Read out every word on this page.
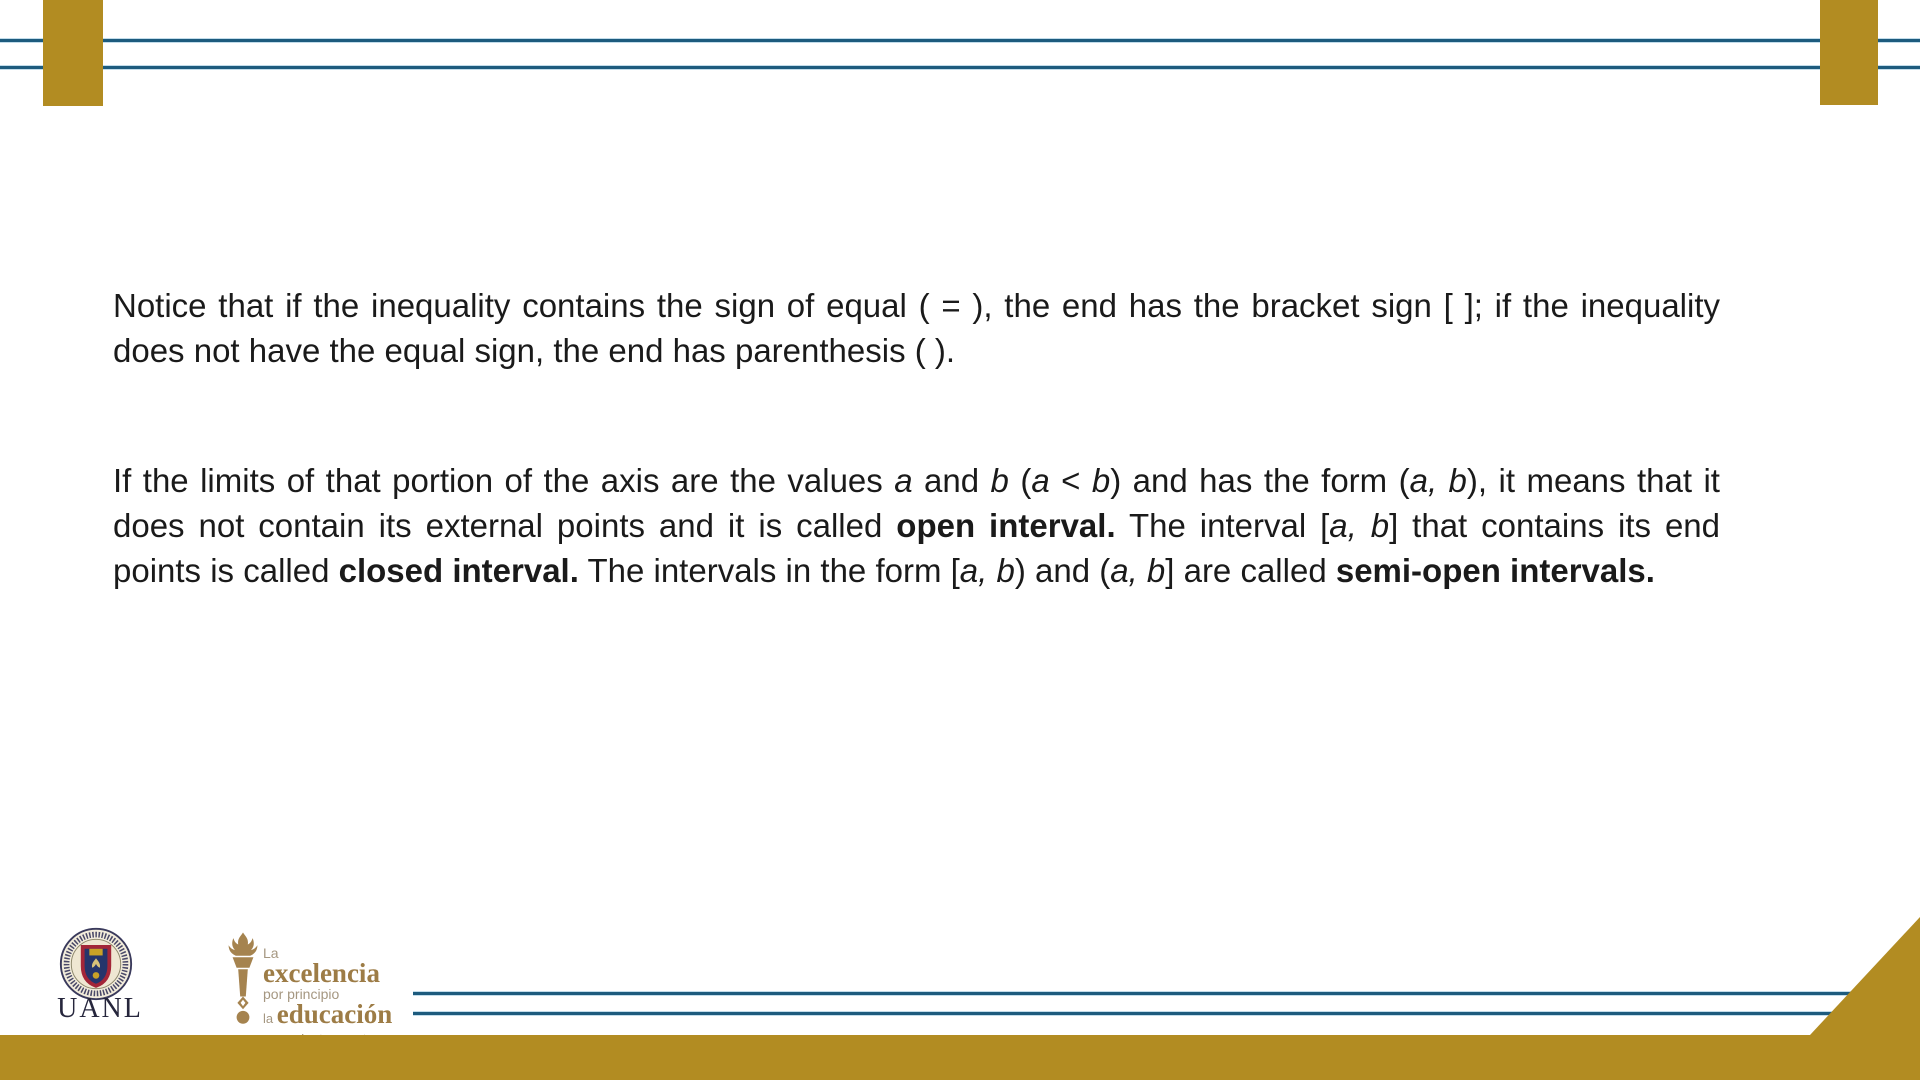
Notice that if the inequality contains the sign of equal ( = ), the end has the bracket sign [ ]; if the inequality does not have the equal sign, the end has parenthesis ( ).

If the limits of that portion of the axis are the values a and b (a < b) and has the form (a, b), it means that it does not contain its external points and it is called open interval. The interval [a, b] that contains its end points is called closed interval. The intervals in the form [a, b) and (a, b] are called semi-open intervals.

UANL
La
excelencia
por principio
la educación
